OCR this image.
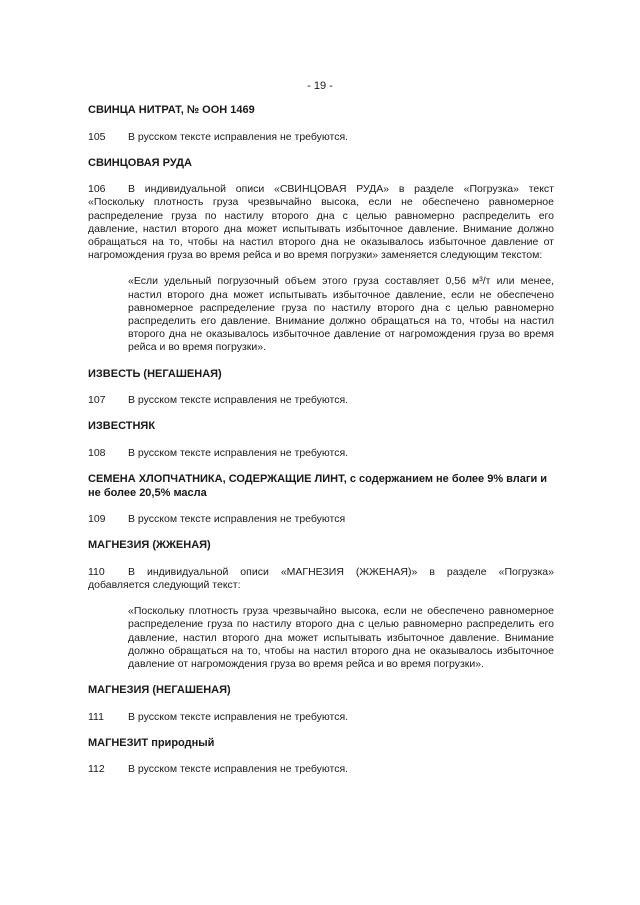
- 19 -
СВИНЦА НИТРАТ, № ООН 1469
105 В русском тексте исправления не требуются.
СВИНЦОВАЯ РУДА
106 В индивидуальной описи «СВИНЦОВАЯ РУДА» в разделе «Погрузка» текст «Поскольку плотность груза чрезвычайно высока, если не обеспечено равномерное распределение груза по настилу второго дна с целью равномерно распределить его давление, настил второго дна может испытывать избыточное давление. Внимание должно обращаться на то, чтобы на настил второго дна не оказывалось избыточное давление от нагромождения груза во время рейса и во время погрузки» заменяется следующим текстом:
«Если удельный погрузочный объем этого груза составляет 0,56 м³/т или менее, настил второго дна может испытывать избыточное давление, если не обеспечено равномерное распределение груза по настилу второго дна с целью равномерно распределить его давление. Внимание должно обращаться на то, чтобы на настил второго дна не оказывалось избыточное давление от нагромождения груза во время рейса и во время погрузки».
ИЗВЕСТЬ (НЕГАШЕНАЯ)
107 В русском тексте исправления не требуются.
ИЗВЕСТНЯК
108 В русском тексте исправления не требуются.
СЕМЕНА ХЛОПЧАТНИКА, СОДЕРЖАЩИЕ ЛИНТ, с содержанием не более 9% влаги и не более 20,5% масла
109 В русском тексте исправления не требуются
МАГНЕЗИЯ (ЖЖЕНАЯ)
110 В индивидуальной описи «МАГНЕЗИЯ (ЖЖЕНАЯ)» в разделе «Погрузка» добавляется следующий текст:
«Поскольку плотность груза чрезвычайно высока, если не обеспечено равномерное распределение груза по настилу второго дна с целью равномерно распределить его давление, настил второго дна может испытывать избыточное давление. Внимание должно обращаться на то, чтобы на настил второго дна не оказывалось избыточное давление от нагромождения груза во время рейса и во время погрузки».
МАГНЕЗИЯ (НЕГАШЕНАЯ)
111 В русском тексте исправления не требуются.
МАГНЕЗИТ природный
112 В русском тексте исправления не требуются.
